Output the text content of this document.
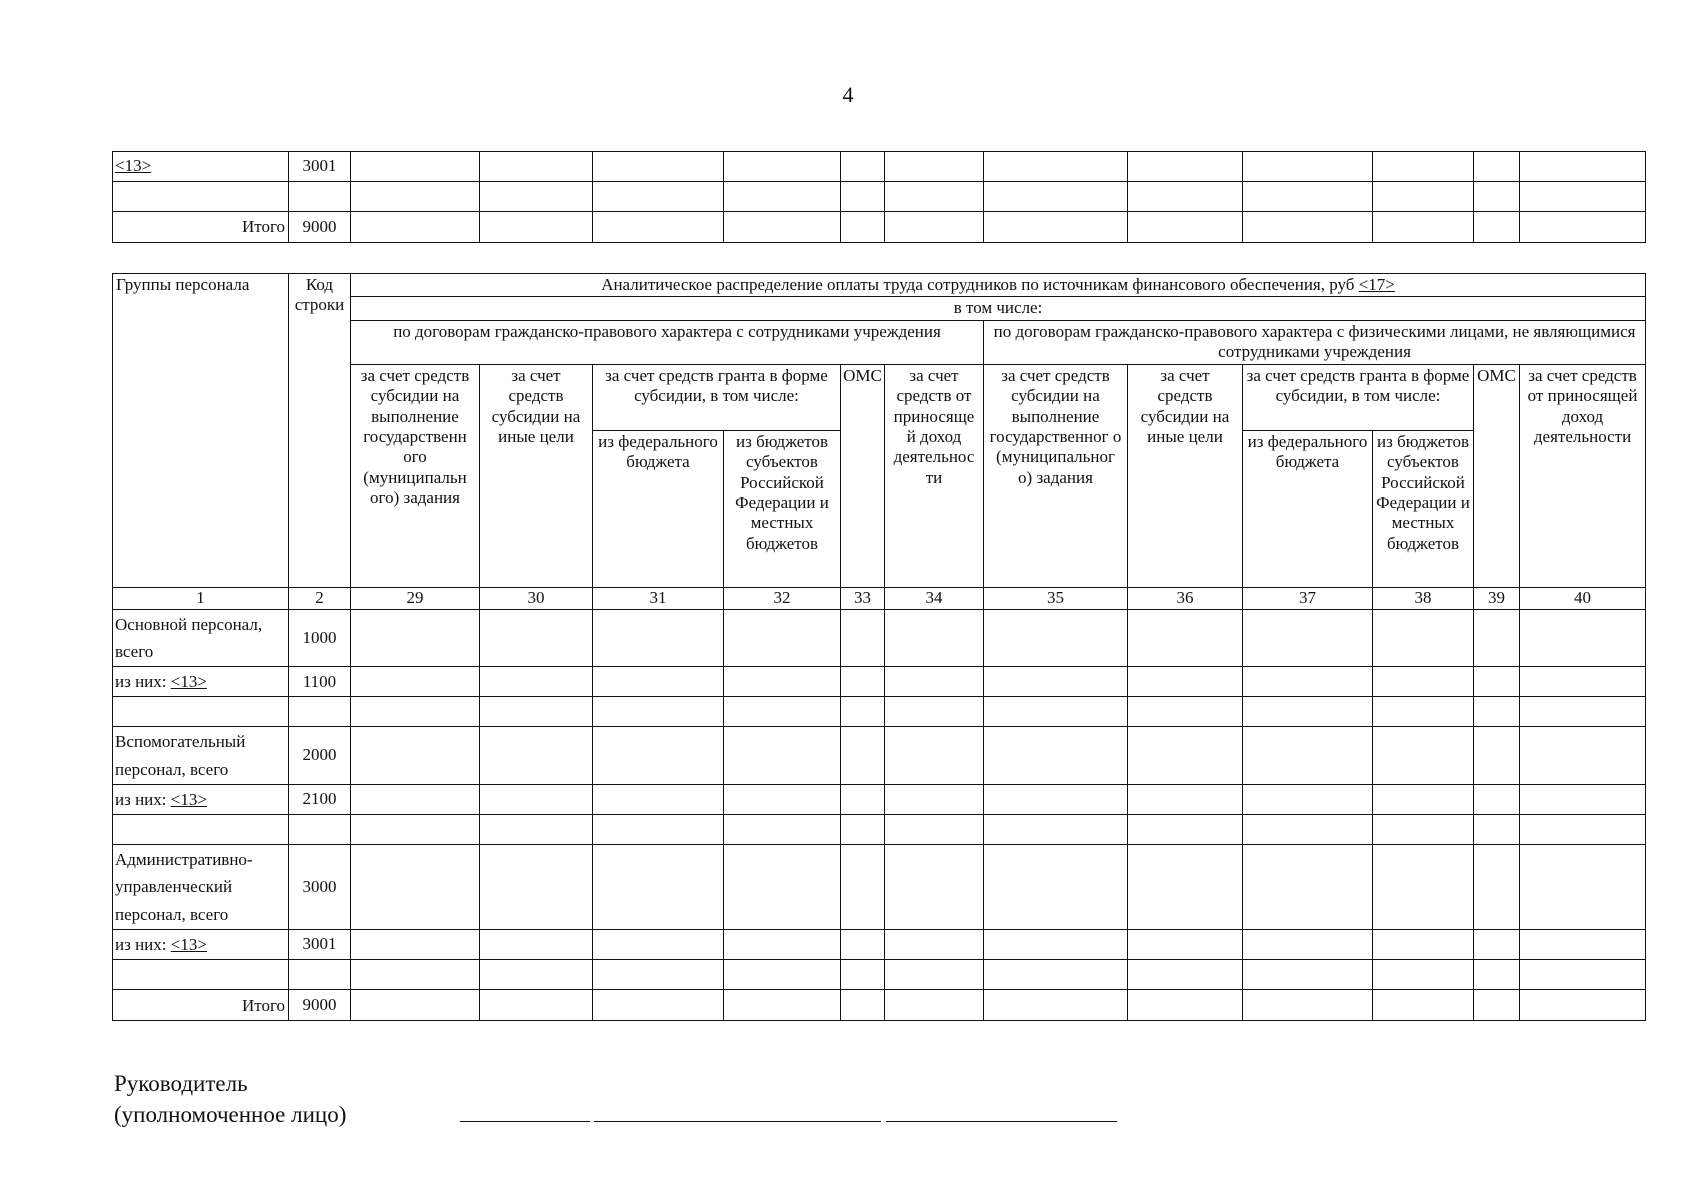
4
<13>	3001												

Итого	9000												
Группы персонала	Код строки	Аналитическое распределение оплаты труда сотрудников по источникам финансового обеспечения, руб <17>											
		в том числе:											
		по договорам гражданско-правового характера с сотрудниками учреждения						по договорам гражданско-правового характера с физическими лицами, не являющимися сотрудниками учреждения					
		за счет средств субсидии на выполнение государственн ого (муниципальн ого) задания	за счет средств субсидии на иные цели	за счет средств гранта в форме субсидии, в том числе:		ОМС	за счет средств от приносяще й доход деятельнос ти	за счет средств субсидии на выполнение государственног о (муниципальног о) задания	за счет средств субсидии на иные цели	за счет средств гранта в форме субсидии, в том числе:		ОМС	за счет средств от приносящей доход деятельности
				из федерального бюджета	из бюджетов субъектов Российской Федерации и местных бюджетов					из федерального бюджета	из бюджетов субъектов Российской Федерации и местных бюджетов		

1	2	29	30	31	32	33	34	35	36	37	38	39	40
Основной персонал, всего	1000												
из них: <13>	1100												

Вспомогательный персонал, всего	2000												
из них: <13>	2100												

Административно-управленческий персонал, всего	3000												
из них: <13>	3001												

Итого	9000												
Руководитель
(уполномоченное лицо)
